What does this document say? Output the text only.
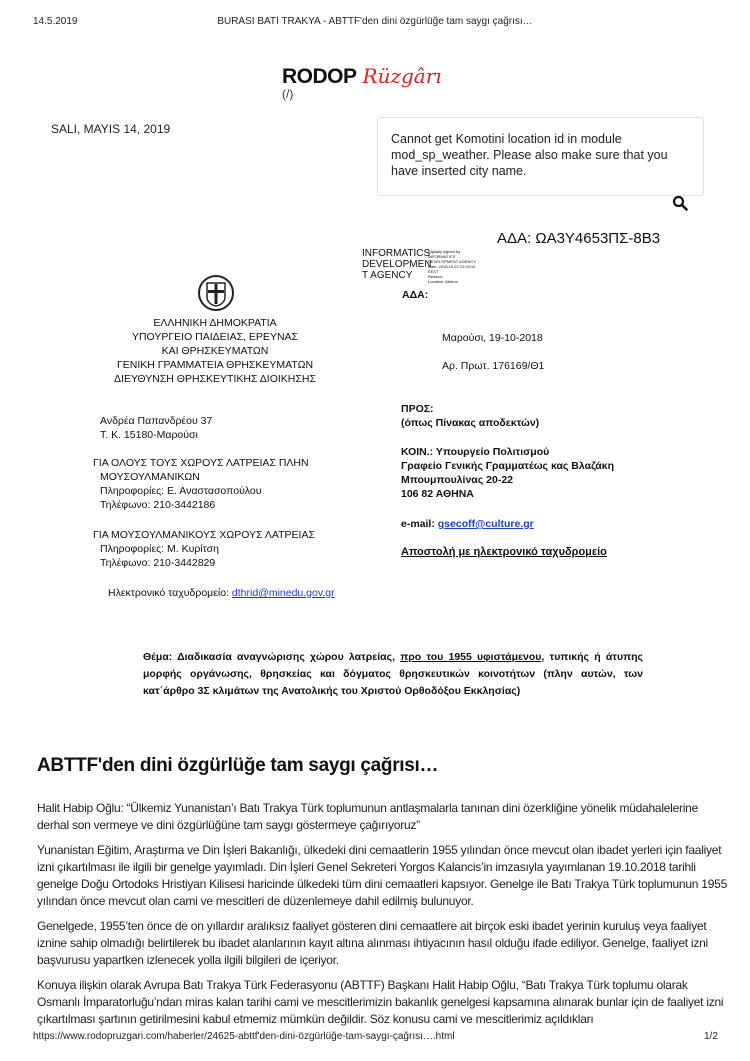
14.5.2019	BURASI BATI TRAKYA - ABTTF'den dini özgürlüğe tam saygı çağrısı…
RODOP Rüzgârı
(/)
SALI, MAYIS 14, 2019
Cannot get Komotini location id in module mod_sp_weather. Please also make sure that you have inserted city name.
ΑΔΑ: ΩΑ3Υ4653ΠΣ-8Β3
INFORMATICS
DEVELOPMEN
T AGENCY
Digitally signed by
INFORMATICS
DEVELOPMENT AGENCY
Date: 2018.10.22 12:29:10
EEST
Reason:
Location: Athens
ΑΔΑ:
ΕΛΛΗΝΙΚΗ ΔΗΜΟΚΡΑΤΙΑ
ΥΠΟΥΡΓΕΙΟ ΠΑΙΔΕΙΑΣ, ΕΡΕΥΝΑΣ
ΚΑΙ ΘΡΗΣΚΕΥΜΑΤΩΝ
ΓΕΝΙΚΗ ΓΡΑΜΜΑΤΕΙΑ ΘΡΗΣΚΕΥΜΑΤΩΝ
ΔΙΕΥΘΥΝΣΗ ΘΡΗΣΚΕΥΤΙΚΗΣ ΔΙΟΙΚΗΣΗΣ
Μαρούσι, 19-10-2018
Αρ. Πρωτ. 176169/Θ1
Ανδρέα Παπανδρέου 37
Τ. Κ. 15180-Μαρούσι
ΓΙΑ ΟΛΟΥΣ ΤΟΥΣ ΧΩΡΟΥΣ ΛΑΤΡΕΙΑΣ ΠΛΗΝ
ΜΟΥΣΟΥΛΜΑΝΙΚΩΝ
Πληροφορίες: Ε. Αναστασοπούλου
Τηλέφωνο: 210-3442186
ΓΙΑ ΜΟΥΣΟΥΛΜΑΝΙΚΟΥΣ ΧΩΡΟΥΣ ΛΑΤΡΕΙΑΣ
Πληροφορίες: Μ. Κυρίτση
Τηλέφωνο: 210-3442829
Ηλεκτρονικό ταχυδρομείο: dthrid@minedu.gov.gr
ΠΡΟΣ:
(όπως Πίνακας αποδεκτών)
ΚΟΙΝ.: Υπουργείο Πολιτισμού
Γραφείο Γενικής Γραμματέως κας Βλαζάκη
Μπουμπουλίνας 20-22
106 82 ΑΘΗΝΑ
e-mail: gsecoff@culture.gr
Αποστολή με ηλεκτρονικό ταχυδρομείο
Θέμα: Διαδικασία αναγνώρισης χώρου λατρείας, προ του 1955 υφιστάμενου, τυπικής ή άτυπης μορφής οργάνωσης, θρησκείας και δόγματος θρησκευτικών κοινοτήτων (πλην αυτών, των κατ΄άρθρο 3Σ κλιμάτων της Ανατολικής του Χριστού Ορθοδόξου Εκκλησίας)
ABTTF'den dini özgürlüğe tam saygı çağrısı…

Halit Habip Oğlu: “Ülkemiz Yunanistan’ı Batı Trakya Türk toplumunun antlaşmalarla tanınan dini özerkliğine yönelik müdahalelerine derhal son vermeye ve dini özgürlüğüne tam saygı göstermeye çağırıyoruz”

Yunanistan Eğitim, Araştırma ve Din İşleri Bakanlığı, ülkedeki dini cemaatlerin 1955 yılından önce mevcut olan ibadet yerleri için faaliyet izni çıkartılması ile ilgili bir genelge yayımladı. Din İşleri Genel Sekreteri Yorgos Kalancis’in imzasıyla yayımlanan 19.10.2018 tarihli genelge Doğu Ortodoks Hristiyan Kilisesi haricinde ülkedeki tüm dini cemaatleri kapsıyor. Genelge ile Batı Trakya Türk toplumunun 1955 yılından önce mevcut olan cami ve mescitleri de düzenlemeye dahil edilmiş bulunuyor.

Genelgede, 1955’ten önce de on yıllardır aralıksız faaliyet gösteren dini cemaatlere ait birçok eski ibadet yerinin kuruluş veya faaliyet iznine sahip olmadığı belirtilerek bu ibadet alanlarının kayıt altına alınması ihtiyacının hasıl olduğu ifade ediliyor. Genelge, faaliyet izni başvurusu yapartken izlenecek yolla ilgili bilgileri de içeriyor.

Konuya ilişkin olarak Avrupa Batı Trakya Türk Federasyonu (ABTTF) Başkanı Halit Habip Oğlu, “Batı Trakya Türk toplumu olarak Osmanlı İmparatorluğu’ndan miras kalan tarihi cami ve mescitlerimizin bakanlık genelgesi kapsamına alınarak bunlar için de faaliyet izni çıkartılması şartının getirilmesini kabul etmemiz mümkün değildir. Söz konusu cami ve mescitlerimiz açıldıkları

https://www.rodopruzgari.com/haberler/24625-abttf'den-dini-özgürlüğe-tam-saygı-çağrısı….html	1/2
